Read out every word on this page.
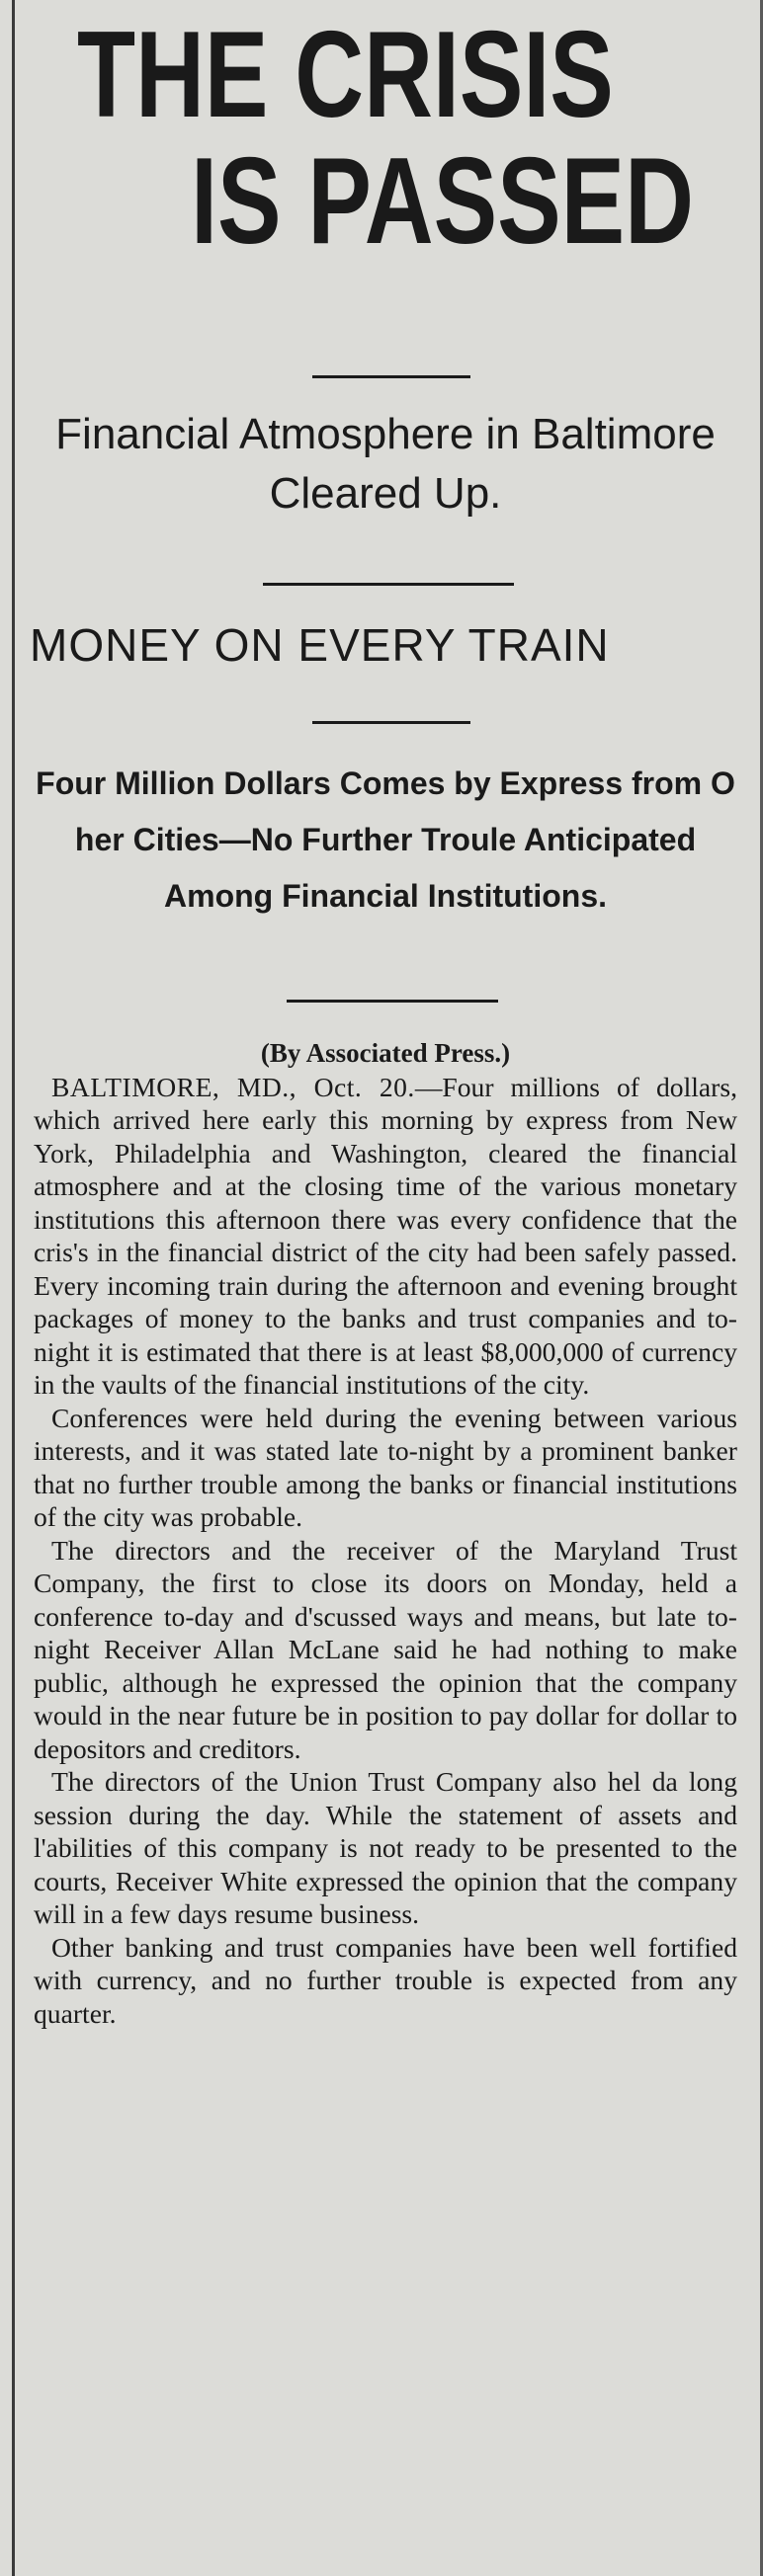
THE CRISIS
IS PASSED
Financial Atmosphere in Baltimore Cleared Up.
MONEY ON EVERY TRAIN
Four Million Dollars Comes by Express from O her Cities—No Further Troule Anticipated Among Financial Institutions.
(By Associated Press.)

BALTIMORE, MD., Oct. 20.—Four millions of dollars, which arrived here early this morning by express from New York, Philadelphia and Washington, cleared the financial atmosphere and at the closing time of the various monetary institutions this afternoon there was every confidence that the cris's in the financial district of the city had been safely passed. Every incoming train during the afternoon and evening brought packages of money to the banks and trust companies and to-night it is estimated that there is at least $8,000,000 of currency in the vaults of the financial institutions of the city.

Conferences were held during the evening between various interests, and it was stated late to-night by a prominent banker that no further trouble among the banks or financial institutions of the city was probable.

The directors and the receiver of the Maryland Trust Company, the first to close its doors on Monday, held a conference to-day and d'scussed ways and means, but late to-night Receiver Allan McLane said he had nothing to make public, although he expressed the opinion that the company would in the near future be in position to pay dollar for dollar to depositors and creditors.

The directors of the Union Trust Company also hel da long session during the day. While the statement of assets and l'abilities of this company is not ready to be presented to the courts, Receiver White expressed the opinion that the company will in a few days resume business.

Other banking and trust companies have been well fortified with currency, and no further trouble is expected from any quarter.
